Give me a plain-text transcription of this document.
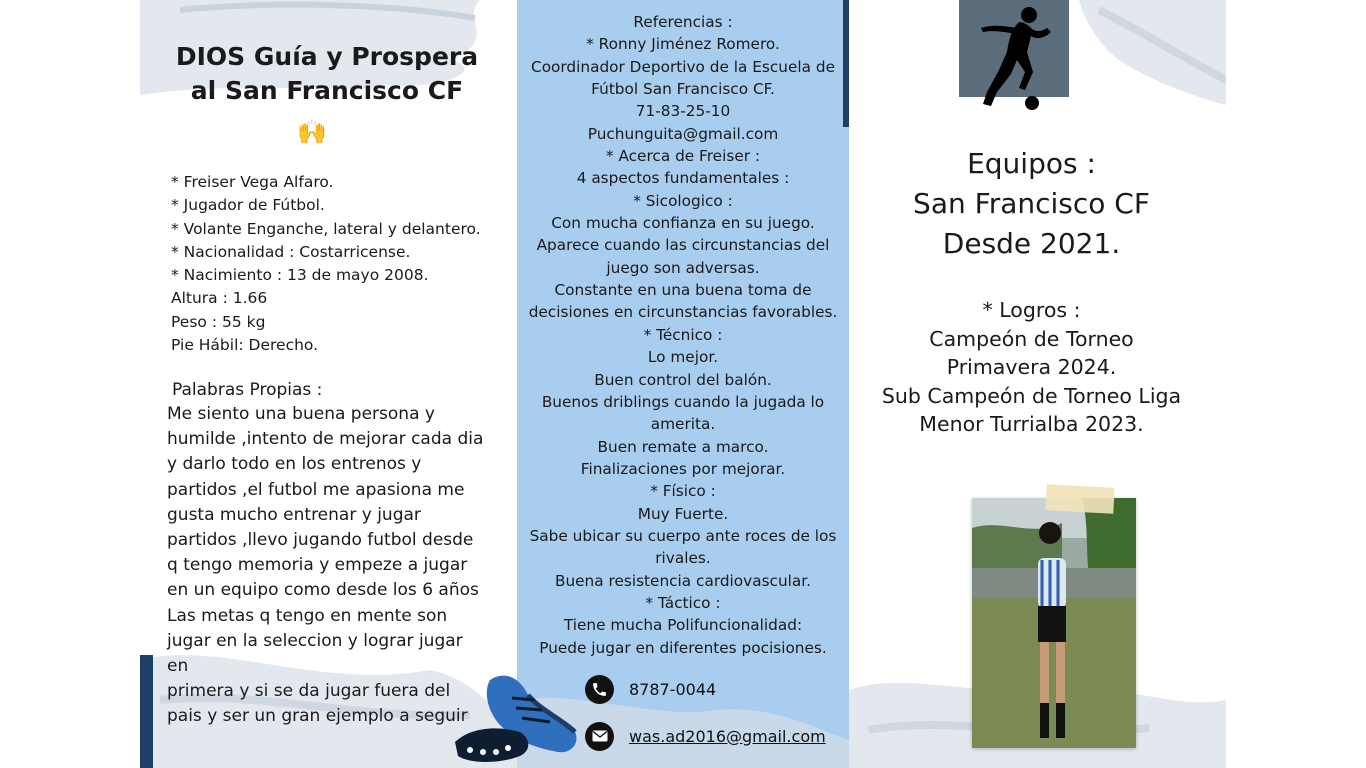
DIOS Guía y Prospera
al San Francisco CF
🙌
* Freiser Vega Alfaro.
* Jugador de Fútbol.
* Volante Enganche, lateral y delantero.
* Nacionalidad : Costarricense.
* Nacimiento : 13 de mayo 2008.
Altura : 1.66
Peso : 55 kg
Pie Hábil: Derecho.
Palabras Propias :
Me siento una buena persona y
humilde ,intento de mejorar cada dia
y darlo todo en los entrenos y
partidos ,el futbol me apasiona me
gusta mucho entrenar y jugar
partidos ,llevo jugando futbol desde
q tengo memoria y empeze a jugar
en un equipo como desde los 6 años
Las metas q tengo en mente son
jugar en la seleccion y lograr jugar en
primera y si se da jugar fuera del
pais y ser un gran ejemplo a seguir
Referencias :
* Ronny Jiménez Romero.
Coordinador Deportivo de la Escuela de
Fútbol San Francisco CF.
71-83-25-10
Puchunguita@gmail.com
* Acerca de Freiser :
4 aspectos fundamentales :
* Sicologico :
Con mucha confianza en su juego.
Aparece cuando las circunstancias del
juego son adversas.
Constante en una buena toma de
decisiones en circunstancias favorables.
* Técnico :
Lo mejor.
Buen control del balón.
Buenos driblings cuando la jugada lo
amerita.
Buen remate a marco.
Finalizaciones por mejorar.
* Físico :
Muy Fuerte.
Sabe ubicar su cuerpo ante roces de los
rivales.
Buena resistencia cardiovascular.
* Táctico :
Tiene mucha Polifuncionalidad:
Puede jugar en diferentes pocisiones.
8787-0044
was.ad2016@gmail.com
Equipos :
San Francisco CF
Desde 2021.
* Logros :
Campeón de Torneo
Primavera 2024.
Sub Campeón de Torneo Liga
Menor Turrialba 2023.
